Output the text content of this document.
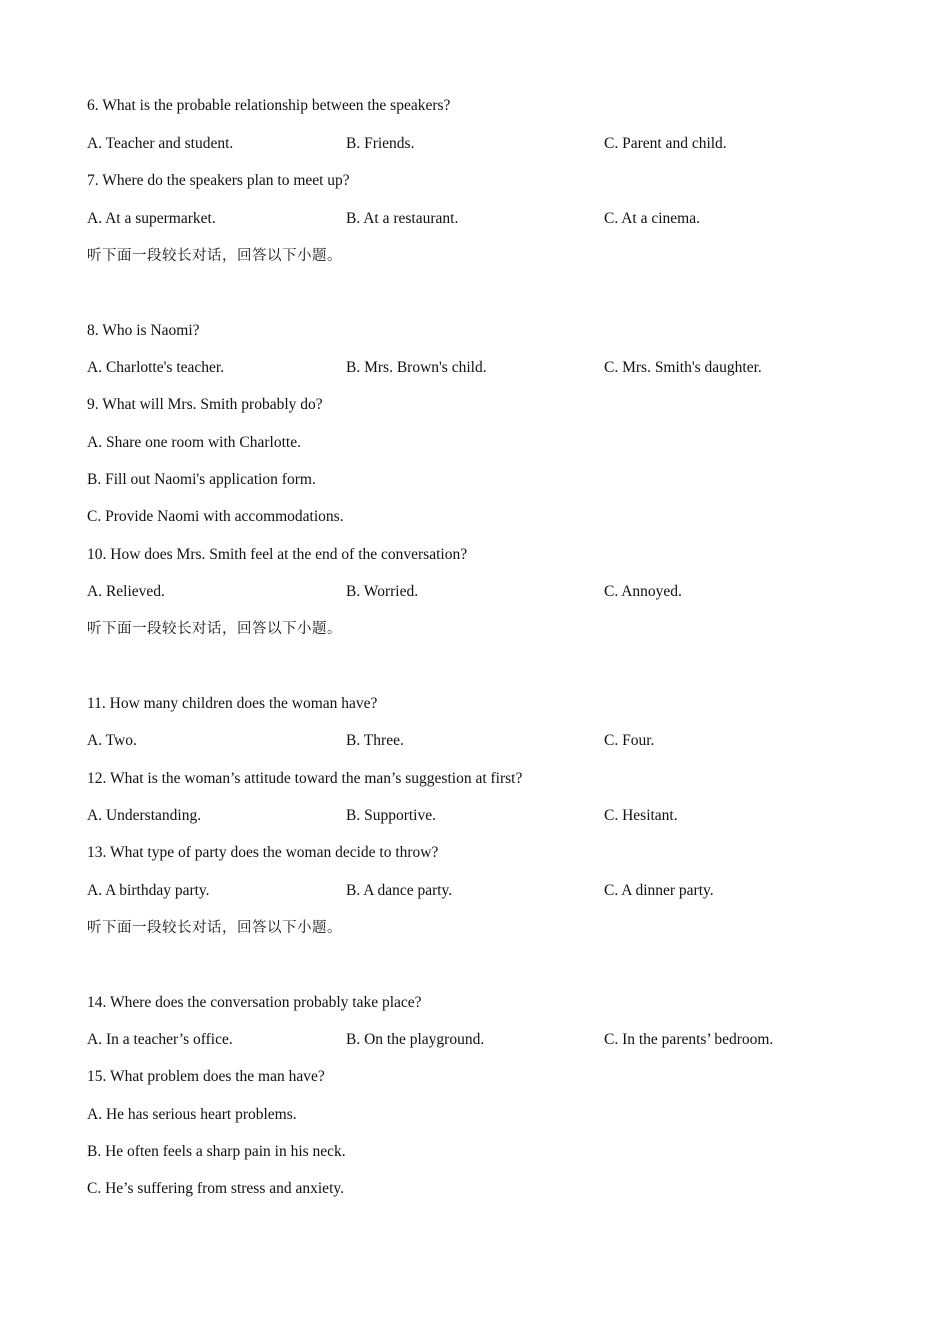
6. What is the probable relationship between the speakers?
A. Teacher and student.	B. Friends.	C. Parent and child.
7. Where do the speakers plan to meet up?
A. At a supermarket.	B. At a restaurant.	C. At a cinema.
听下面一段较长对话，回答以下小题。
8. Who is Naomi?
A. Charlotte's teacher.	B. Mrs. Brown's child.	C. Mrs. Smith's daughter.
9. What will Mrs. Smith probably do?
A. Share one room with Charlotte.
B. Fill out Naomi's application form.
C. Provide Naomi with accommodations.
10. How does Mrs. Smith feel at the end of the conversation?
A. Relieved.	B. Worried.	C. Annoyed.
听下面一段较长对话，回答以下小题。
11. How many children does the woman have?
A. Two.	B. Three.	C. Four.
12. What is the woman’s attitude toward the man’s suggestion at first?
A. Understanding.	B. Supportive.	C. Hesitant.
13. What type of party does the woman decide to throw?
A. A birthday party.	B. A dance party.	C. A dinner party.
听下面一段较长对话，回答以下小题。
14. Where does the conversation probably take place?
A. In a teacher’s office.	B. On the playground.	C. In the parents’ bedroom.
15. What problem does the man have?
A. He has serious heart problems.
B. He often feels a sharp pain in his neck.
C. He’s suffering from stress and anxiety.
